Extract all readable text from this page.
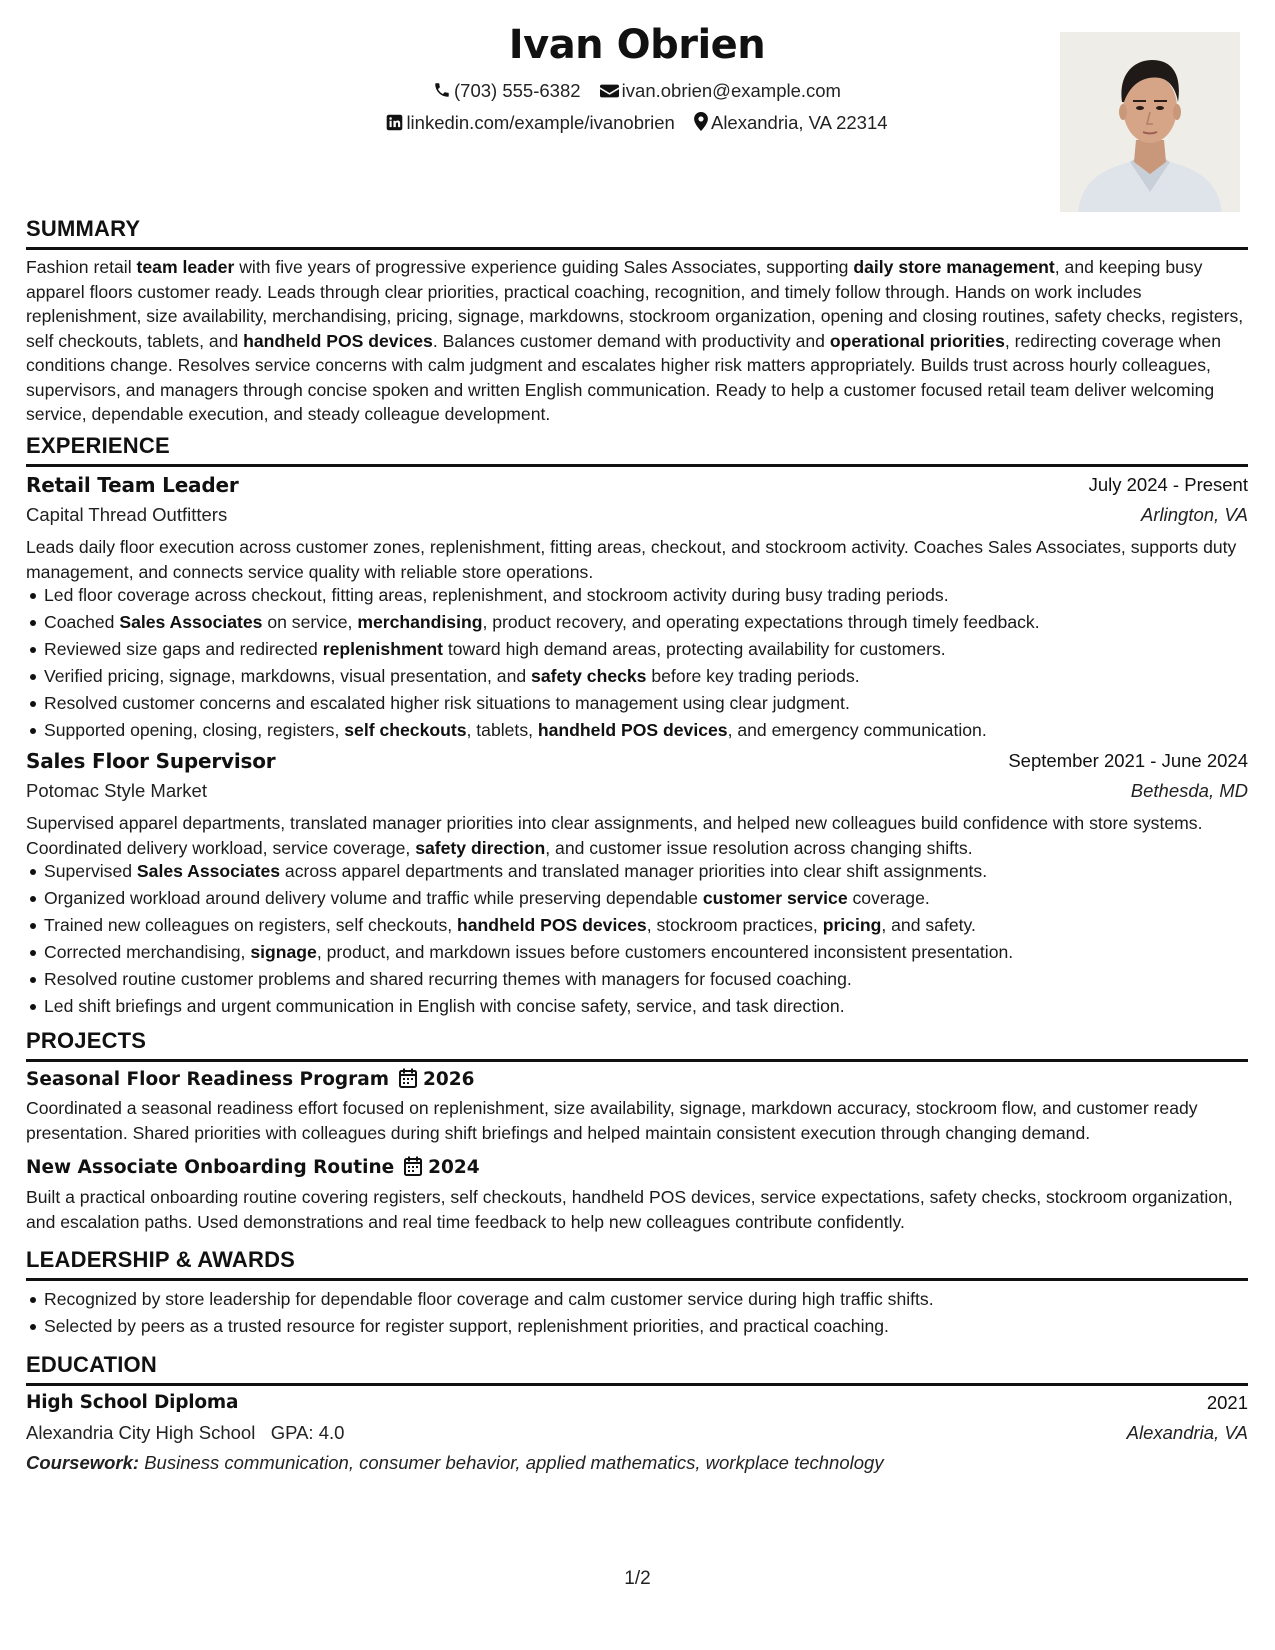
Ivan Obrien
(703) 555-6382 ivan.obrien@example.com
linkedin.com/example/ivanobrien Alexandria, VA 22314
SUMMARY
Fashion retail team leader with five years of progressive experience guiding Sales Associates, supporting daily store management, and keeping busy apparel floors customer ready. Leads through clear priorities, practical coaching, recognition, and timely follow through. Hands on work includes replenishment, size availability, merchandising, pricing, signage, markdowns, stockroom organization, opening and closing routines, safety checks, registers, self checkouts, tablets, and handheld POS devices. Balances customer demand with productivity and operational priorities, redirecting coverage when conditions change. Resolves service concerns with calm judgment and escalates higher risk matters appropriately. Builds trust across hourly colleagues, supervisors, and managers through concise spoken and written English communication. Ready to help a customer focused retail team deliver welcoming service, dependable execution, and steady colleague development.
EXPERIENCE
Retail Team Leader	July 2024 - Present
Capital Thread Outfitters	Arlington, VA
Leads daily floor execution across customer zones, replenishment, fitting areas, checkout, and stockroom activity. Coaches Sales Associates, supports duty management, and connects service quality with reliable store operations.
Led floor coverage across checkout, fitting areas, replenishment, and stockroom activity during busy trading periods.
Coached Sales Associates on service, merchandising, product recovery, and operating expectations through timely feedback.
Reviewed size gaps and redirected replenishment toward high demand areas, protecting availability for customers.
Verified pricing, signage, markdowns, visual presentation, and safety checks before key trading periods.
Resolved customer concerns and escalated higher risk situations to management using clear judgment.
Supported opening, closing, registers, self checkouts, tablets, handheld POS devices, and emergency communication.
Sales Floor Supervisor	September 2021 - June 2024
Potomac Style Market	Bethesda, MD
Supervised apparel departments, translated manager priorities into clear assignments, and helped new colleagues build confidence with store systems. Coordinated delivery workload, service coverage, safety direction, and customer issue resolution across changing shifts.
Supervised Sales Associates across apparel departments and translated manager priorities into clear shift assignments.
Organized workload around delivery volume and traffic while preserving dependable customer service coverage.
Trained new colleagues on registers, self checkouts, handheld POS devices, stockroom practices, pricing, and safety.
Corrected merchandising, signage, product, and markdown issues before customers encountered inconsistent presentation.
Resolved routine customer problems and shared recurring themes with managers for focused coaching.
Led shift briefings and urgent communication in English with concise safety, service, and task direction.
PROJECTS
Seasonal Floor Readiness Program 2026
Coordinated a seasonal readiness effort focused on replenishment, size availability, signage, markdown accuracy, stockroom flow, and customer ready presentation. Shared priorities with colleagues during shift briefings and helped maintain consistent execution through changing demand.
New Associate Onboarding Routine 2024
Built a practical onboarding routine covering registers, self checkouts, handheld POS devices, service expectations, safety checks, stockroom organization, and escalation paths. Used demonstrations and real time feedback to help new colleagues contribute confidently.
LEADERSHIP & AWARDS
Recognized by store leadership for dependable floor coverage and calm customer service during high traffic shifts.
Selected by peers as a trusted resource for register support, replenishment priorities, and practical coaching.
EDUCATION
High School Diploma	2021
Alexandria City High School GPA: 4.0	Alexandria, VA
Coursework: Business communication, consumer behavior, applied mathematics, workplace technology
1/2
